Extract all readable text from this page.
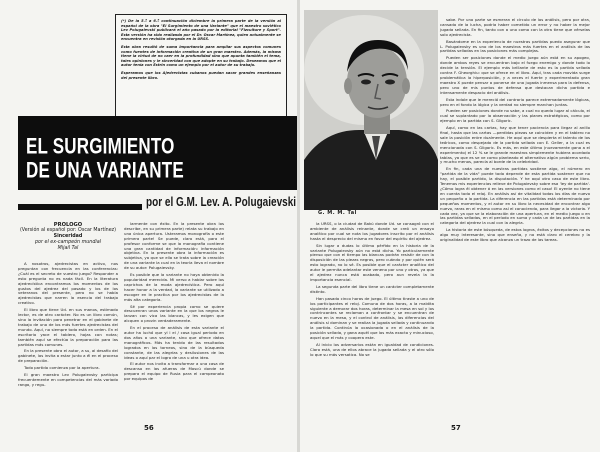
(*) De la 5.ª a 6.ª continuación diciembre la primera parte de la versión al español de la obra "El Surgimiento de una Variante" que el maestro soviético Lev Polugaievski publicará el año pasado por la editorial "Fizculture y Sport". Esta versión ha sido realizada por el Dr. Oscar Martínez, quien actualmente se encuentra en revisión otorgada en la URSS.

Esta obra resultó de suma importancia para ampliar sus aspectos comunes como fuentes de información creativa de un gran maestro. Además, la misma tiene la virtud de no caer en la profundidad sino que apunta también el tema, tales opiniones y le sinceridad con que adopte en su trabajo. Deseamos que el autor tenía con Estrin como un ejemplo por el autor de su trabajo.

Esperamos que los Ajedrecistas cubanos puedan sacar grandes enseñanzas del presente libro.

EL SURGIMIENTO
DE UNA VARIANTE
por el G.M. Lev. A. Polugaievski
PROLOGO
(Versión al español por: Oscar Martínez)
Sinceridad
por el ex-campeón mundial
Mijail Tal

A nosotros, ajedrecistas en activo, nos preguntan con frecuencia en las conferencias: ¿Cuál es el secreto de vuestro juego? Responder a esto pregunta no es nada fácil. En la literatura ajedrecística encontramos los momentos de los gustos del ajedrez del pasado y los de los veteranos del presente, pero no se habla ajedrecistas que narren la esencia del trabajo creativo.

El libro que tiene Ud. en sus manos, estimado lector, es de otro carácter. No es un libro común, sino la invitación para penetrar en el gabinete de trabajo de uno de los más fuertes ajedrecistas del mundo. Aquí, no siempre todo está en orden. En el escritorio yace el tablero, hojas con notas; también aquí se efectúa la preparación para las partidas más comunes.

En la presente obra el autor, a su, al desafío del gabinete, los invita a estar junto a él en el proceso de preparación.

Todo partido comienza por la apertura.

El gran maestro Lev Polugaievsky participa frecuentemente en competencias del más variado rango, y regu-

larmente con éxito. En la presente obra los describe, en su primera parte) relata su trabajo en una única apertura. Usteramos monografía o este primera parte! Se puede, claro está, para el profesor conforme se que la monografía contiene una gran cantidad de información: información objetiva. En la presente obra la información es subjetiva, ya que se ella se trata sobre la creación de una variante la cual en la teoría lleva el nombre de su autor: Polugaievsky.

Es posible que la variante no haya obtenido la popularidad merecida. Mi verso a hablar sobre los caprichos de la moda ajedrecística. Pero aquí hacer honor a la verdad, la variante se utilizado a escoger en le practica por los ajedrecistas de la más alta categoría.

Sé por experiencia propia como se quiere descuenran unos variante en la que los negros le lanzan con vica las blancas, y les exigen que alcquen o provin verdaderamente.

En el proceso de análisis de esta variante el autor ha luchó que yl l el / casa igual periodo en dos años a una variante, sino que ofrece datos manográficos. Más ha tenido de las resultados logrados en los torneos, sino de la búsqueda constante, de las alegrías y desilusiones de las ideas o aquí par el logro de una u otra idea.

El autor nos invita a transformar a una casa de descanso en las afueras de Moscú donde se prepara el equipo de Rusia para el campeonato por equipos de

56
G. M. M. Tal

la URSS, o la ciudad de Bakú donde Ud. se consagró con el ambiente de análisis reinante, donde se creó un ensayo analítico por cual se nota los jugadores inscrito por el análisis hasta el desprecio del mismo en favor del espíritu del ajedrez.

Sin lugar a dudas lo último pérfido en la historia de la variante Polugaievsky aún no está dicho. Yo particularmente pienso que con el tiempo las blancas podrán resistir de con la disposición de las piezas negras, pero cuándo y por quién será esto logrado, no lo sé. Es posible que el carácter analítico del autor le permita adelantar este veneno por uno y otros, ya que el ajedrez nunca está acabado, pero aun revela la la importancia esencial.

La segunda parte del libro tiene un carácter completamente distinto.

Han pasado cinco horas de juego. El último tiraste a uno de los participantes el reloj. Comuna de dos horas, a la maldita siguiente a demorar dos horas, determinar la mesa en sol y los contrincantes se reclaman a confrontar y se encuentran de nuevo en la mesa, y el control de análisis, las diferencias del análisis sí dominan y se realiza la jugada sellada y continuando la partida. Continúa la ocasionada o en el análisis de la posición sellada, y gana aquél que los más exacto y minucioso, aquel que el más y coopera este.

Al inicio los adversarios están en igualdad de condiciones. Claro está, una de ellos abrace la jugada sellada y el otro sólo lo que su más versatica. No se

sabe. Por uno parte se esmeran el círculo de los análisis, pero por otra, cansado de la lucha, podría haber cometido un error y no haber la mejor jugada sellada. En fin, tanto con a uno como con la otra tiene que vérselas solo ajedrecista.

Basándome en la experiencia de nuestras partidas puedo asegurar que L. Polugaievsky es uno de los maestros más fuertes en el análisis de las partidas selladas en las posiciones más complejas.

Pueden ser posiciones donde el medio juego aún está en su apogeo, donde ambos reyes se encuentran bajo el fuego enemigo y donde todo lo decide la tensión. El ejemplo más brillante de esto es la partida sellada contra F. Gheorghiu: que se ofrece en el libro. Aquí, tras cada movida surge problemática la hiperposición, y a veces el fuerte y experimentado gran maestro X puede pensar a ponerse de una jugada inmensa para la defensa, pero uno de mis puntos de defensa que destacan dicha partida e intensamente despacio del análisis.

Esta índole que le mereció del contrario parece extremadamente lógicas, pero en el fondo la lógica y la verdad no siempre marchan juntas.

Pueden ser posiciones donde no sabe, a cual no queda lugar al cálculo, el cual se suplantado por la observación y las planes estratégicos, como por ejemplo en la partida con S. Gligoric.

Aquí, como en las cartas, hay que tener paciencia para llegar al anillo final, hasta que las cartas —perdidas piezas se coinciden y en el tablero no sale la posición entre dualmente. He aquí que se despierta el talento de los teóricos, como despejado de la partida sellada con E. Geller, a la cual es mencionada con S. Gligoric. Es más, en este último (nuevamente gana a el experimento) el 12 % se le grande maestros simplemente hubiera acordado tablas, ya que es se ve como planteado el alternativo algún problema serio, y mucho menos, parecía al borde de la celebridad.

En fin, cada una de nuestras partidas sostiene algo, el número en "partida de la vida" puede todo depende de esta partida sostener que no hay, el posible partido, la disputación. Y he aquí otro caso de este libro. Tenemos mis experiencias relieve de Polugaievsky sobre esa 'ley de partida'. ¿Cómo logra él obtener á en las versiones como el caso! El oyente no tiene en cuenta todo el reloj. En análisis así de vitalidad todas los días de nuevo un pequeño a la partida. La diferencia en las partidas está determinado por pequeños momentos, y el autor en su libro la necesidad de encontrar algo nuevo, raras en el mismo como así el conociendo, para llegar a la victoria. Y cada vez, ya que se la elaboración de una apertura, en el medio juego o en las partidas selladas, en el período en suma y cada un de las partidas en la categoría del ajedrez la cual con la alegria.

La historia de este búsqueda, de estos logros, éxitos y decepciones no es algo muy interesante, sino que enseña, y no está claro el cerebro y la originalidad de este libro que alcanza un trazo de las tareas.

57
